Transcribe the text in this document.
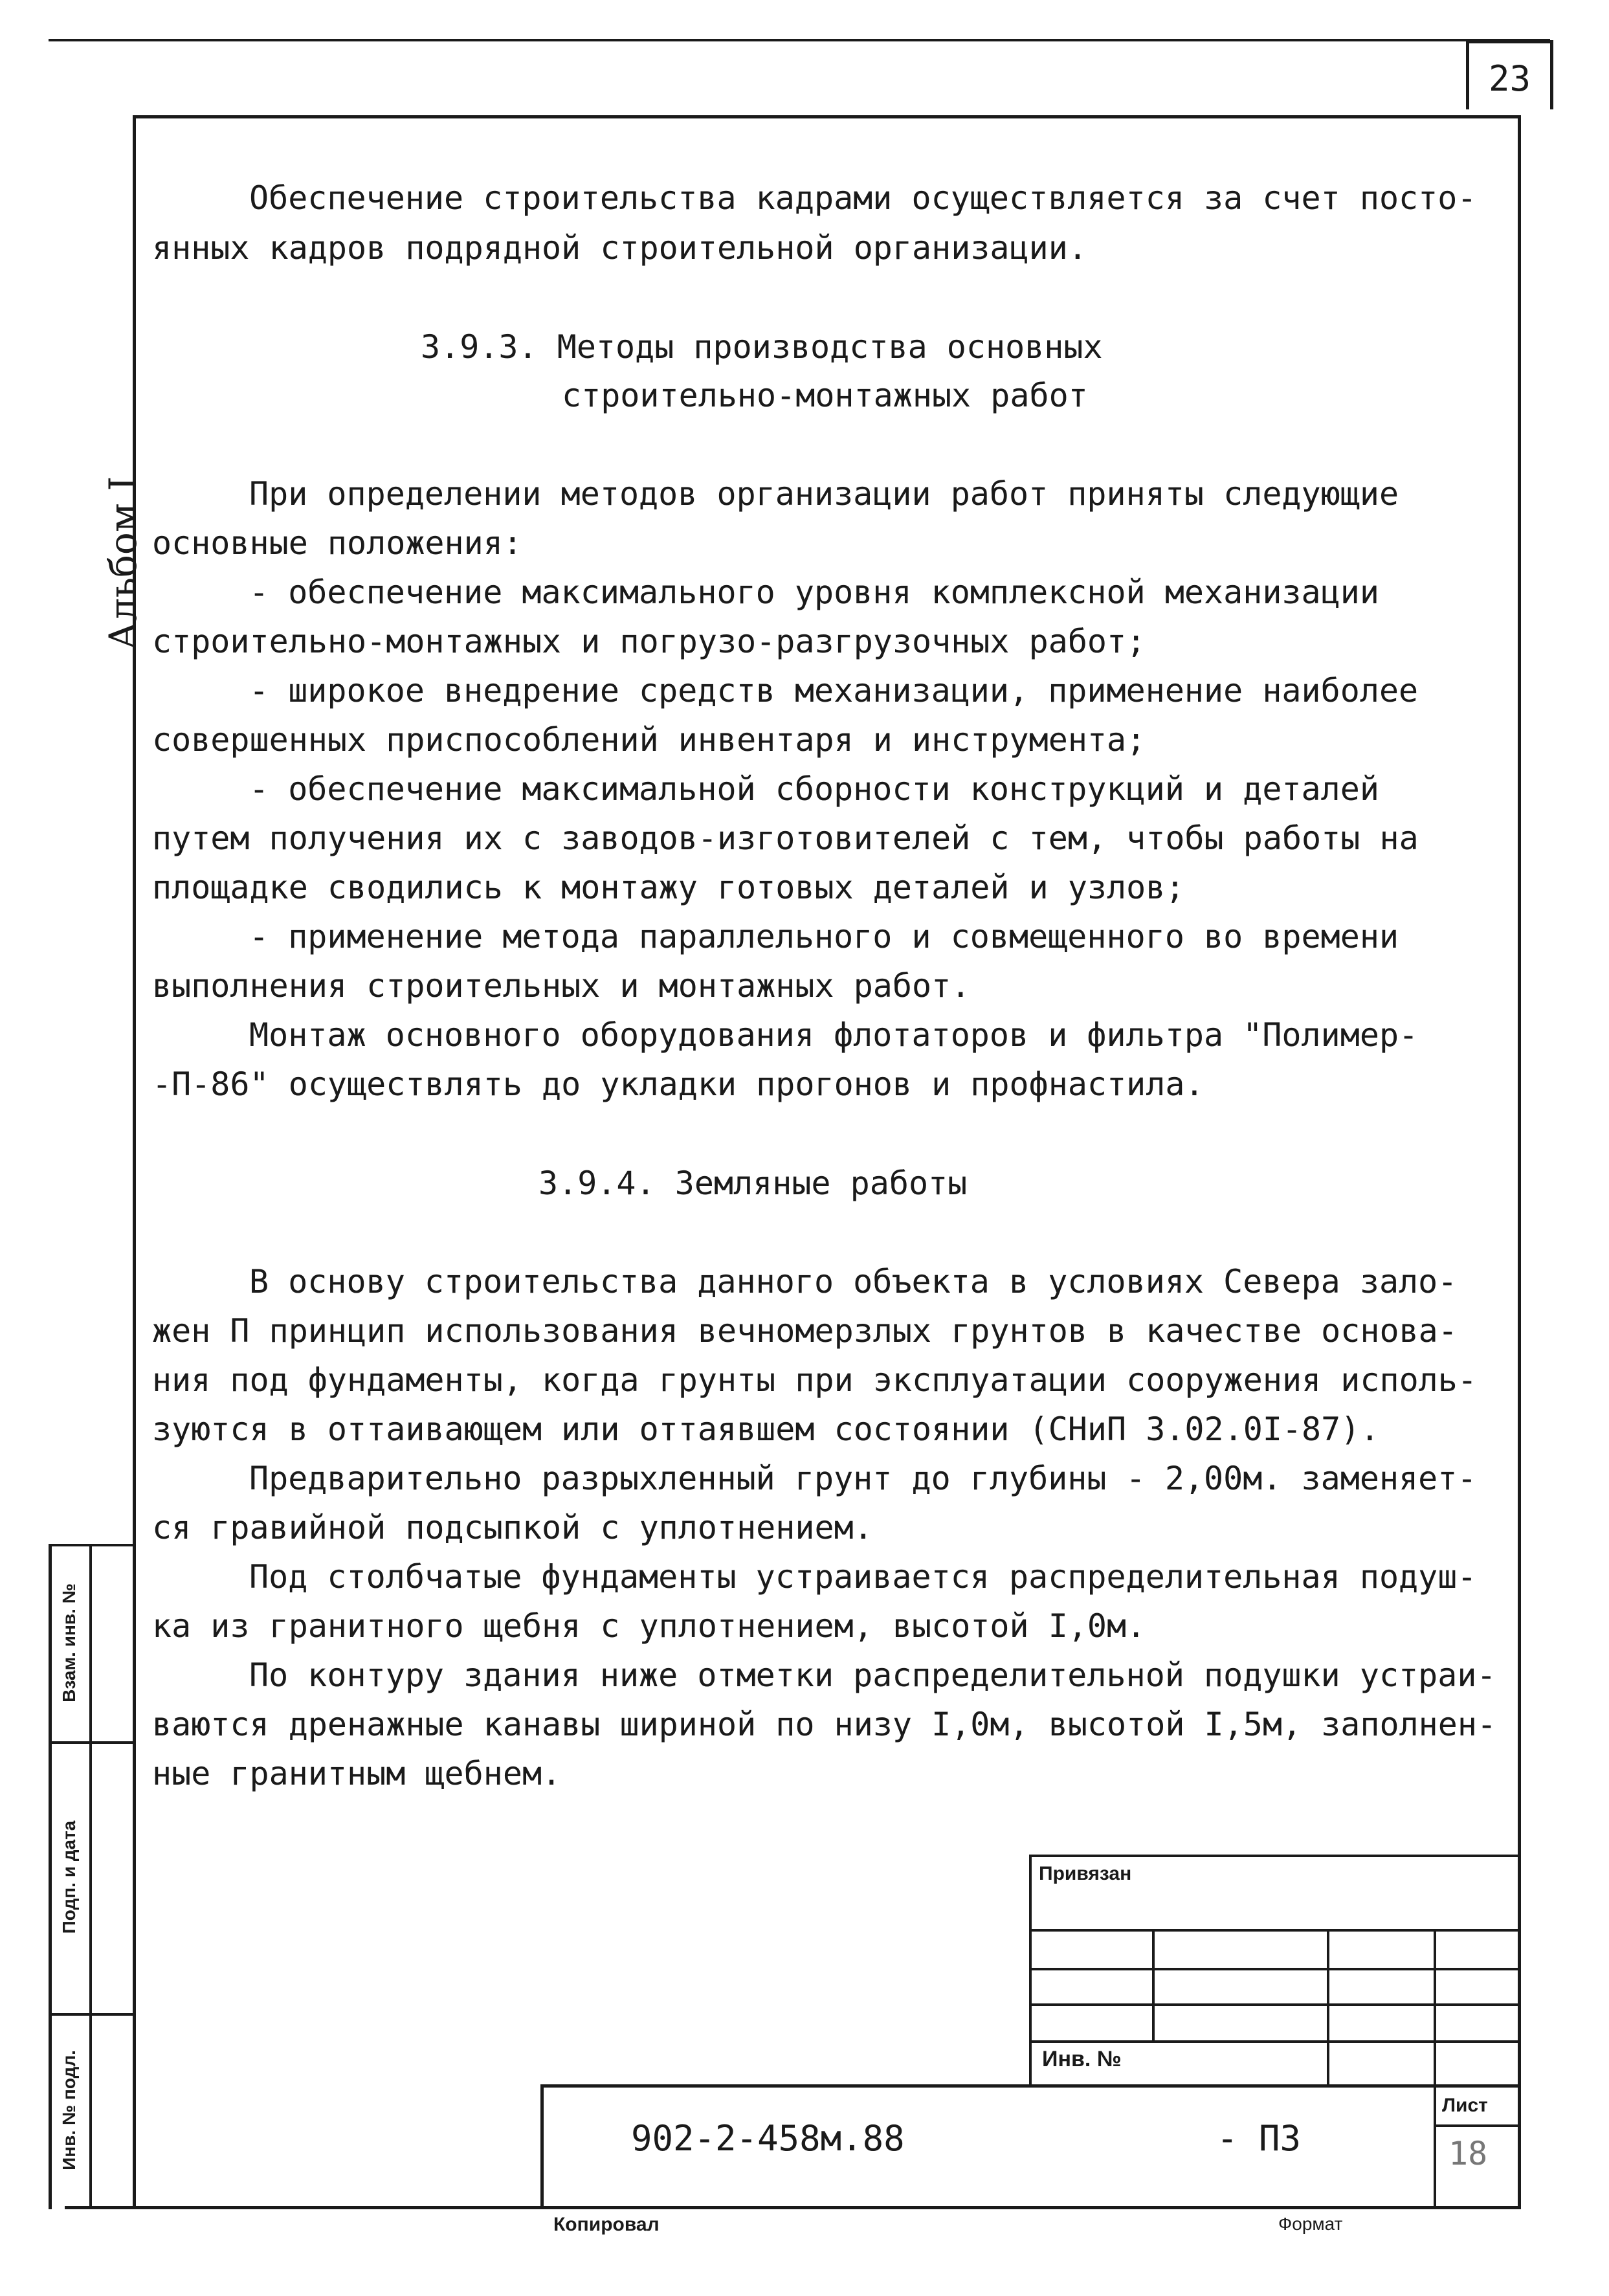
23
Альбом I
Обеспечение строительства кадрами осуществляется за счет посто-
янных кадров подрядной строительной организации.
3.9.3. Методы производства основных
строительно-монтажных работ
При определении методов организации работ приняты следующие
основные положения:
- обеспечение максимального уровня комплексной механизации
строительно-монтажных и погрузо-разгрузочных работ;
- широкое внедрение средств механизации, применение наиболее
совершенных приспособлений инвентаря и инструмента;
- обеспечение максимальной сборности конструкций и деталей
путем получения их с заводов-изготовителей с тем, чтобы работы на
площадке сводились к монтажу готовых деталей и узлов;
- применение метода параллельного и совмещенного во времени
выполнения строительных и монтажных работ.
Монтаж основного оборудования флотаторов и фильтра "Полимер-
-П-86" осуществлять до укладки прогонов и профнастила.
3.9.4. Земляные работы
В основу строительства данного объекта в условиях Севера зало-
жен П принцип использования вечномерзлых грунтов в качестве основа-
ния под фундаменты, когда грунты при эксплуатации сооружения исполь-
зуются в оттаивающем или оттаявшем состоянии (СНиП 3.02.0I-87).
Предварительно разрыхленный грунт до глубины - 2,00м. заменяет-
ся гравийной подсыпкой с уплотнением.
Под столбчатые фундаменты устраивается распределительная подуш-
ка из гранитного щебня с уплотнением, высотой I,0м.
По контуру здания ниже отметки распределительной подушки устраи-
ваются дренажные канавы шириной по низу I,0м, высотой I,5м, заполнен-
ные гранитным щебнем.
Взам. инв. №
Подп. и дата
Инв. № подл.
Привязан
Инв. №
902-2-458м.88	- ПЗ
Лист
18
Копировал	Формат
